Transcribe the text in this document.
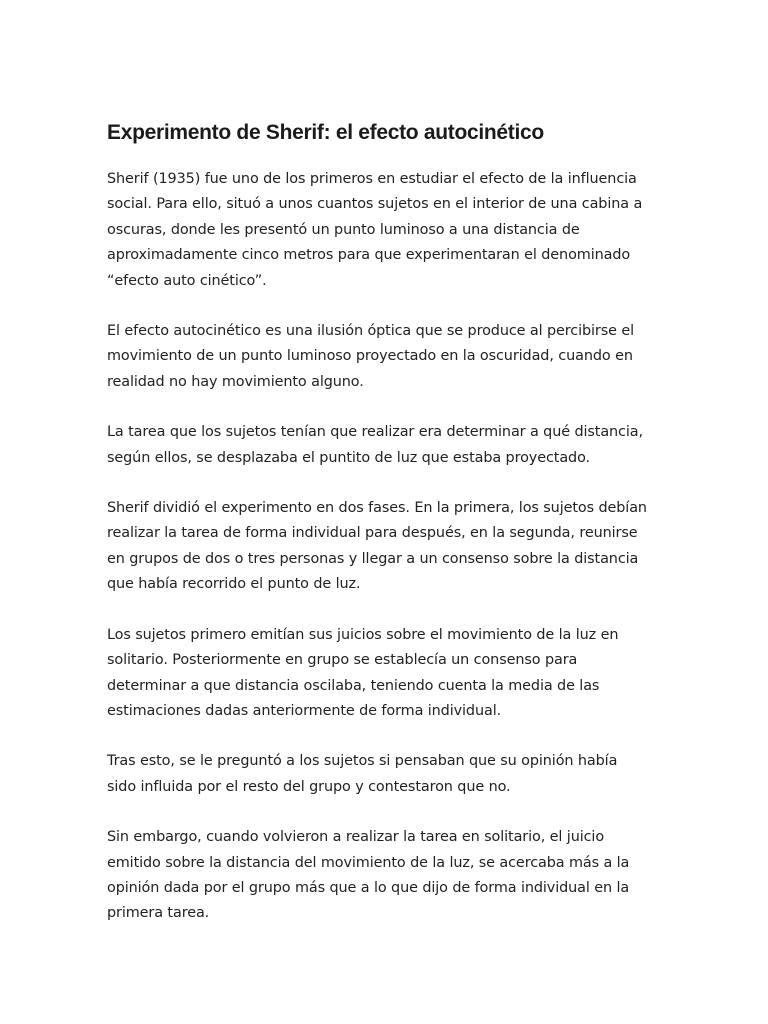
Experimento de Sherif: el efecto autocinético

Sherif (1935) fue uno de los primeros en estudiar el efecto de la influencia
social. Para ello, situó a unos cuantos sujetos en el interior de una cabina a
oscuras, donde les presentó un punto luminoso a una distancia de
aproximadamente cinco metros para que experimentaran el denominado
“efecto auto cinético”.

El efecto autocinético es una ilusión óptica que se produce al percibirse el
movimiento de un punto luminoso proyectado en la oscuridad, cuando en
realidad no hay movimiento alguno.

La tarea que los sujetos tenían que realizar era determinar a qué distancia,
según ellos, se desplazaba el puntito de luz que estaba proyectado.

Sherif dividió el experimento en dos fases. En la primera, los sujetos debían
realizar la tarea de forma individual para después, en la segunda, reunirse
en grupos de dos o tres personas y llegar a un consenso sobre la distancia
que había recorrido el punto de luz.

Los sujetos primero emitían sus juicios sobre el movimiento de la luz en
solitario. Posteriormente en grupo se establecía un consenso para
determinar a que distancia oscilaba, teniendo cuenta la media de las
estimaciones dadas anteriormente de forma individual.

Tras esto, se le preguntó a los sujetos si pensaban que su opinión había
sido influida por el resto del grupo y contestaron que no.

Sin embargo, cuando volvieron a realizar la tarea en solitario, el juicio
emitido sobre la distancia del movimiento de la luz, se acercaba más a la
opinión dada por el grupo más que a lo que dijo de forma individual en la
primera tarea.
